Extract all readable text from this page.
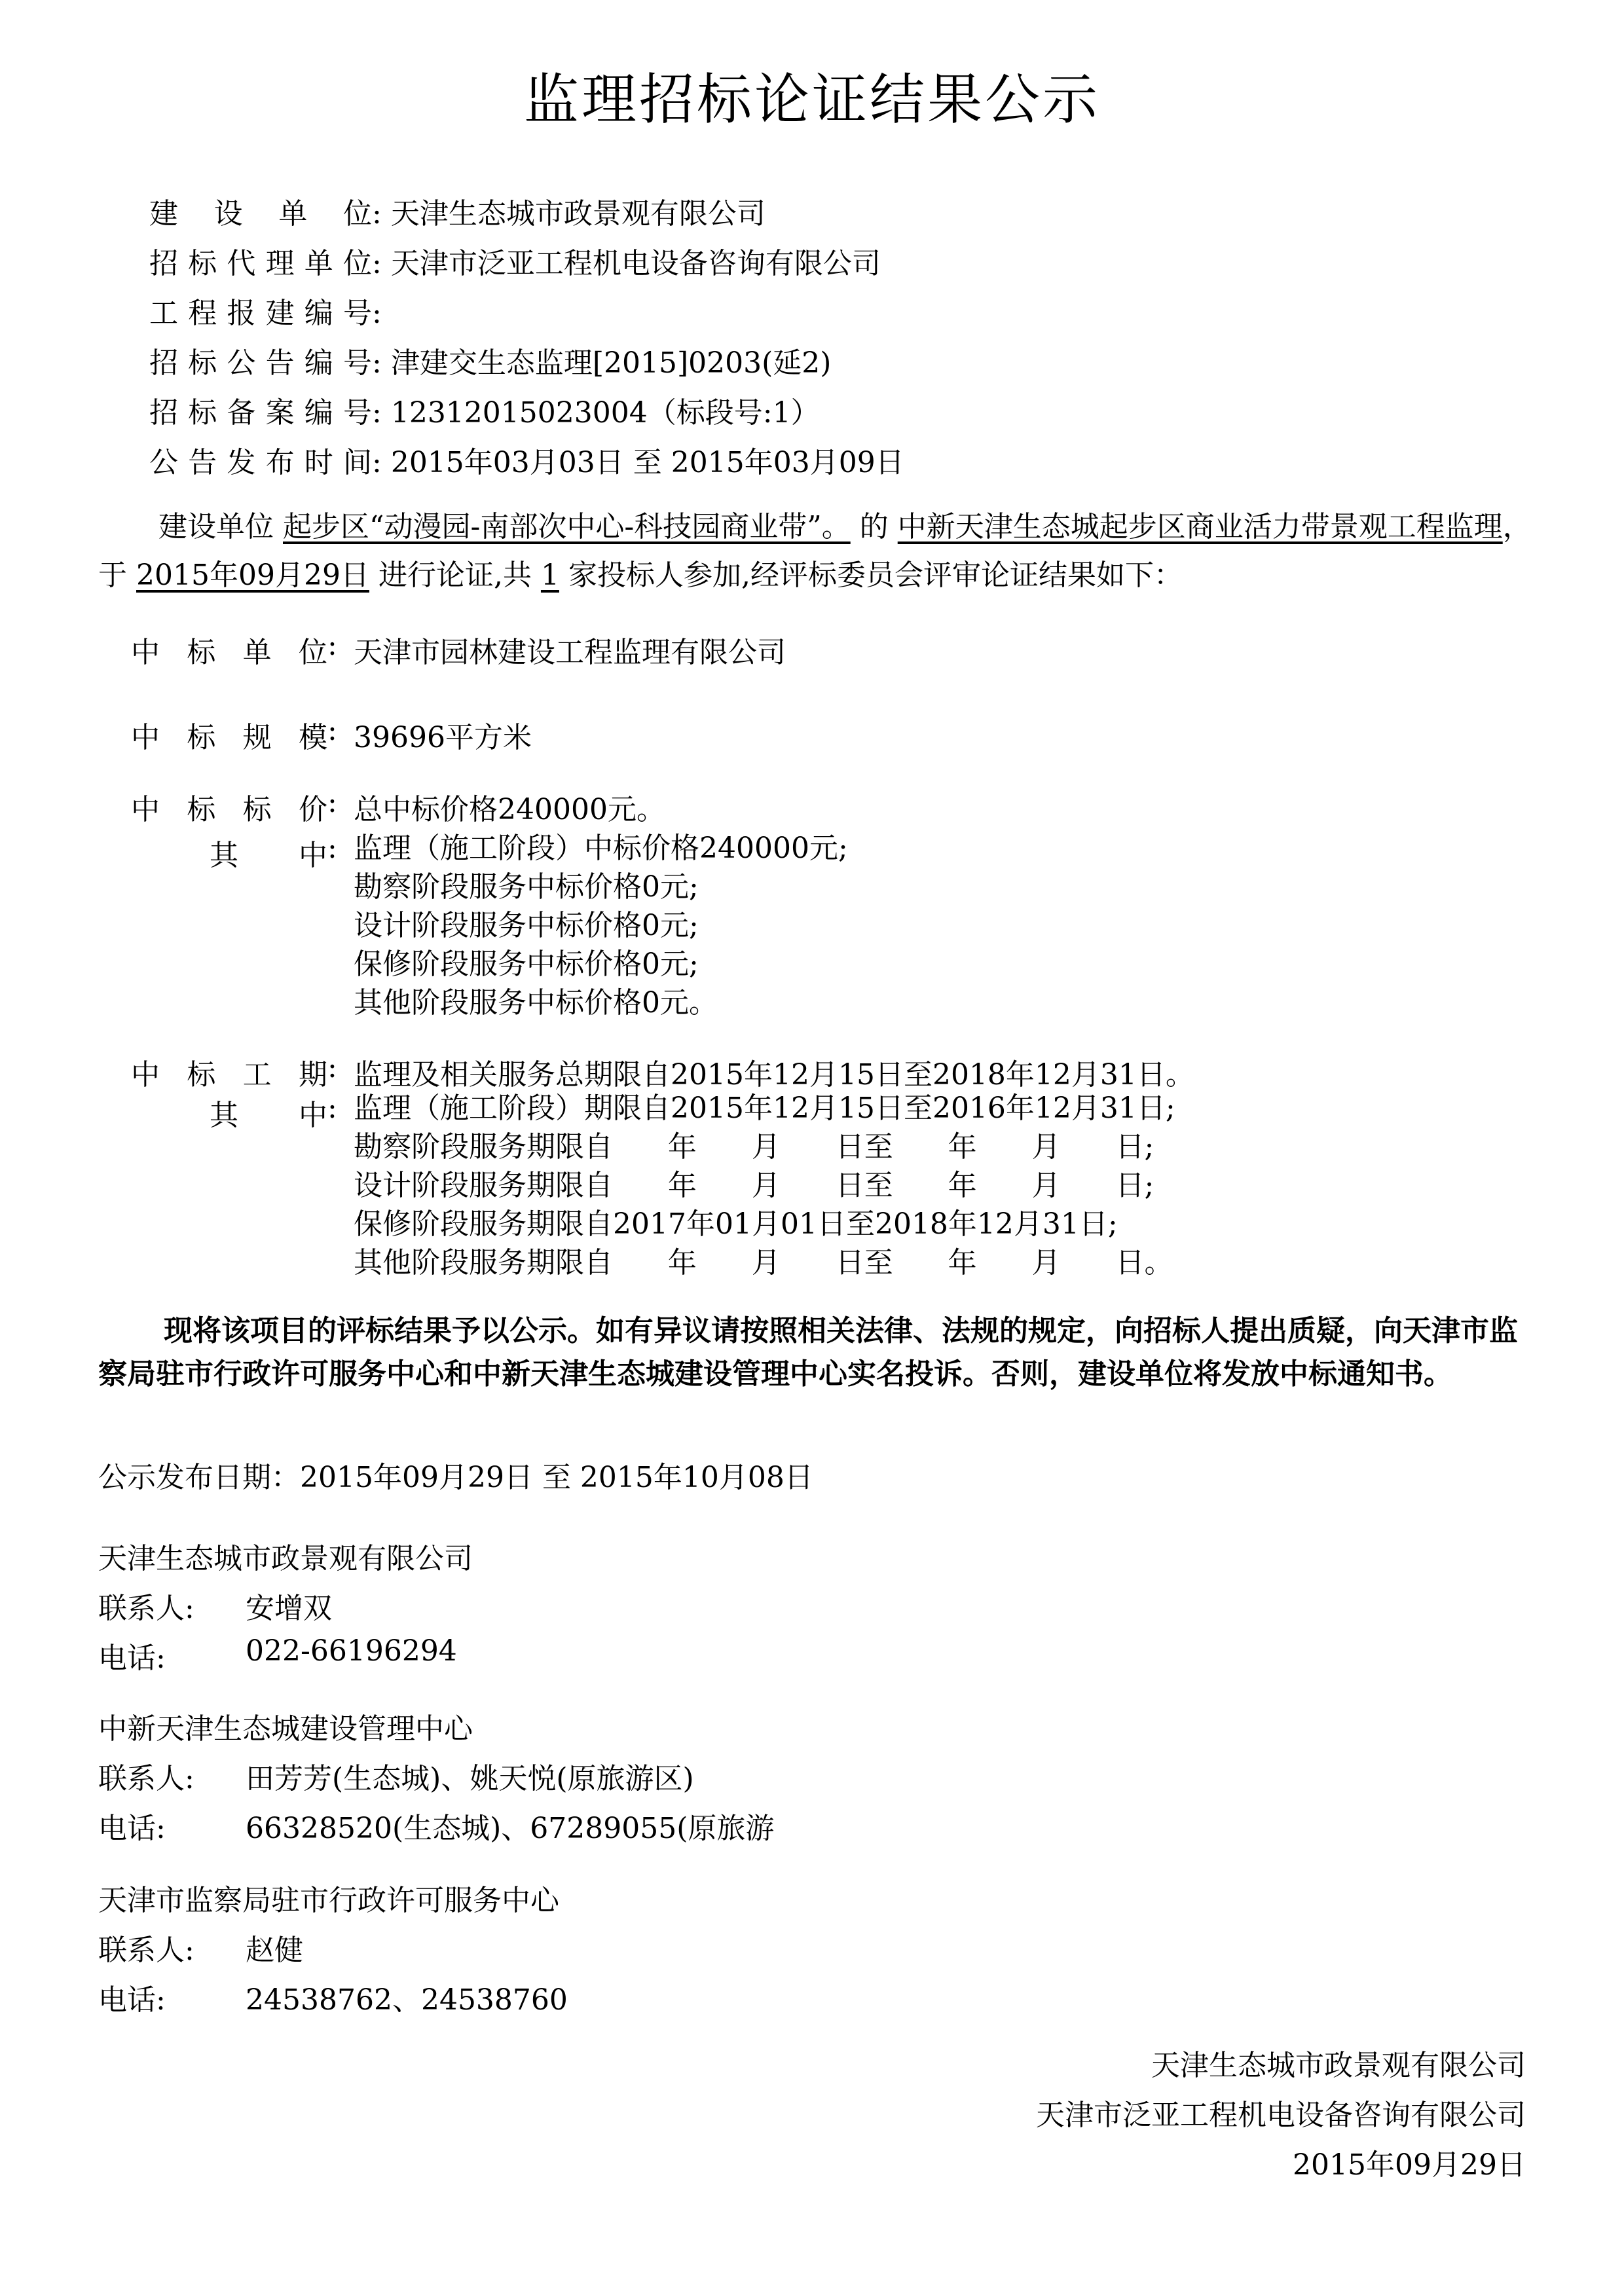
监理招标论证结果公示
建设单位: 天津生态城市政景观有限公司
招标代理单位: 天津市泛亚工程机电设备咨询有限公司
工程报建编号:
招标公告编号: 津建交生态监理[2015]0203(延2)
招标备案编号: 12312015023004（标段号:1）
公告发布时间: 2015年03月03日 至 2015年03月09日
建设单位 起步区“动漫园-南部次中心-科技园商业带”。 的 中新天津生态城起步区商业活力带景观工程监理，于 2015年09月29日 进行论证,共 1 家投标人参加,经评标委员会评审论证结果如下：
中标单位 : 天津市园林建设工程监理有限公司
中标规模 : 39696平方米
中标标价 : 总中标价格240000元。
其中 : 监理（施工阶段）中标价格240000元;
勘察阶段服务中标价格0元;
设计阶段服务中标价格0元;
保修阶段服务中标价格0元;
其他阶段服务中标价格0元。
中标工期 : 监理及相关服务总期限自2015年12月15日至2018年12月31日。
其中 : 监理（施工阶段）期限自2015年12月15日至2016年12月31日;
勘察阶段服务期限自      年      月      日至      年      月      日;
设计阶段服务期限自      年      月      日至      年      月      日;
保修阶段服务期限自2017年01月01日至2018年12月31日;
其他阶段服务期限自      年      月      日至      年      月      日。
现将该项目的评标结果予以公示。如有异议请按照相关法律、法规的规定，向招标人提出质疑，向天津市监察局驻市行政许可服务中心和中新天津生态城建设管理中心实名投诉。否则，建设单位将发放中标通知书。
公示发布日期：2015年09月29日 至 2015年10月08日
天津生态城市政景观有限公司
联系人: 安增双
电话:	022-66196294
中新天津生态城建设管理中心
联系人: 田芳芳(生态城)、姚天悦(原旅游区)
电话:	66328520(生态城)、67289055(原旅游
天津市监察局驻市行政许可服务中心
联系人: 赵健
电话:	24538762、24538760
天津生态城市政景观有限公司
天津市泛亚工程机电设备咨询有限公司
2015年09月29日
